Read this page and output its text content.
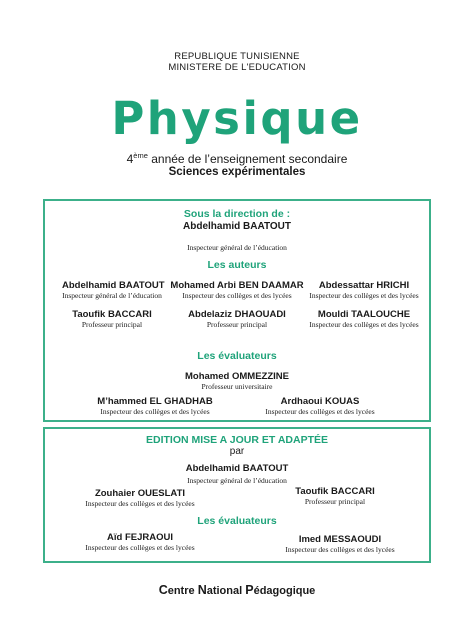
REPUBLIQUE TUNISIENNE
MINISTERE DE L'EDUCATION
Physique
4ème année de l’enseignement secondaire
Sciences expérimentales
Sous la direction de :
Abdelhamid BAATOUT
Inspecteur général de l’éducation
Les auteurs
Abdelhamid BAATOUT
Inspecteur général de l’éducation
Mohamed Arbi BEN DAAMAR
Inspecteur des collèges et des lycées
Abdessattar HRICHI
Inspecteur des collèges et des lycées
Taoufik BACCARI
Professeur principal
Abdelaziz DHAOUADI
Professeur principal
Mouldi TAALOUCHE
Inspecteur des collèges et des lycées
Les évaluateurs
Mohamed OMMEZZINE
Professeur universitaire
M’hammed EL GHADHAB
Inspecteur des collèges et des lycées
Ardhaoui KOUAS
Inspecteur des collèges et des lycées
EDITION MISE A JOUR ET ADAPTÉE
par
Abdelhamid BAATOUT
Inspecteur général de l’éducation
Zouhaier OUESLATI
Inspecteur des collèges et des lycées
Taoufik BACCARI
Professeur principal
Les évaluateurs
Aïd FEJRAOUI
Inspecteur des collèges et des lycées
Imed MESSAOUDI
Inspecteur des collèges et des lycées
Centre National Pédagogique
